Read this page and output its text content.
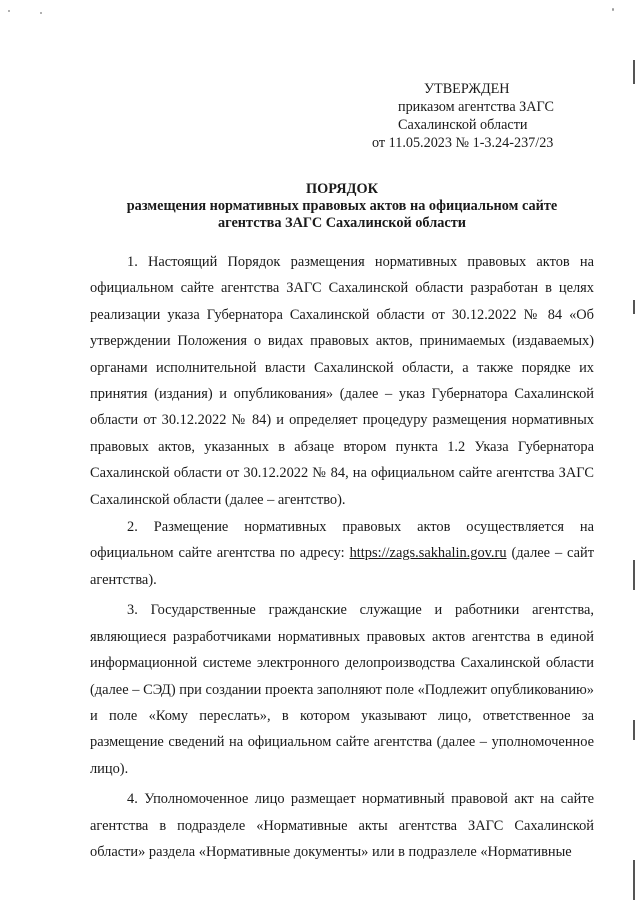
УТВЕРЖДЕН
приказом агентства ЗАГС
Сахалинской области
от 11.05.2023 № 1-3.24-237/23
ПОРЯДОК
размещения нормативных правовых актов на официальном сайте
агентства ЗАГС Сахалинской области

1. Настоящий Порядок размещения нормативных правовых актов на официальном сайте агентства ЗАГС Сахалинской области разработан в целях реализации указа Губернатора Сахалинской области от 30.12.2022 № 84 «Об утверждении Положения о видах правовых актов, принимаемых (издаваемых) органами исполнительной власти Сахалинской области, а также порядке их принятия (издания) и опубликования» (далее – указ Губернатора Сахалинской области от 30.12.2022 № 84) и определяет процедуру размещения нормативных правовых актов, указанных в абзаце втором пункта 1.2 Указа Губернатора Сахалинской области от 30.12.2022 № 84, на официальном сайте агентства ЗАГС Сахалинской области (далее – агентство).

2. Размещение нормативных правовых актов осуществляется на официальном сайте агентства по адресу: https://zags.sakhalin.gov.ru (далее – сайт агентства).

3. Государственные гражданские служащие и работники агентства, являющиеся разработчиками нормативных правовых актов агентства в единой информационной системе электронного делопроизводства Сахалинской области (далее – СЭД) при создании проекта заполняют поле «Подлежит опубликованию» и поле «Кому переслать», в котором указывают лицо, ответственное за размещение сведений на официальном сайте агентства (далее – уполномоченное лицо).

4. Уполномоченное лицо размещает нормативный правовой акт на сайте агентства в подразделе «Нормативные акты агентства ЗАГС Сахалинской области» раздела «Нормативные документы» или в подразлеле «Нормативные
